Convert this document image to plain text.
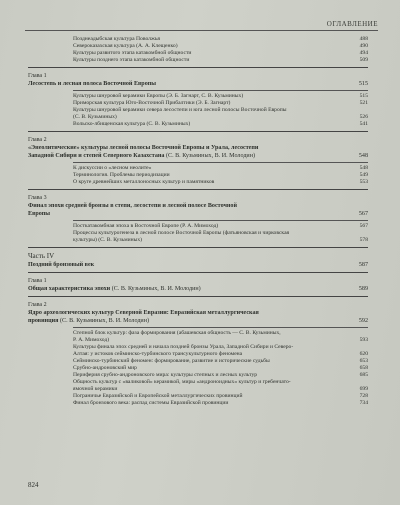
ОГЛАВЛЕНИЕ
Позднеадыбская культура Поволжья	488
Североказахская культура (А. А. Клещенко)	490
Культуры развитого этапа катакомбной общности	494
Культуры позднего этапа катакомбной общности	509
Глава 1
Лесостепь и лесная полоса Восточной Европы	515
Культуры шнуровой керамики Европы (Э. Б. Загнарт, С. В. Кузьминых)	515
Приморская культура Юго-Восточной Прибалтики (Э. Б. Загнарт)	521
Культуры шнуровой керамики севера лесостепи и юга лесной полосы Восточной Европы
(С. В. Кузьминых)	526
Вольско-лбищенская культура (С. В. Кузьминых)	541
Глава 2
«Энеолитические» культуры лесной полосы Восточной Европы и Урала, лесостепи
Западной Сибири и степей Северного Казахстана (С. В. Кузьминых, В. И. Молодин)	548
К дискуссии о «лесном неолите»	548
Терминология. Проблемы периодизации	549
О круге древнейших металлоносных культур и памятников	553
Глава 3
Финал эпохи средней бронзы в степи, лесостепи и лесной полосе Восточной
Европы	567
Посткатакомбная эпоха в Восточной Европе (Р. А. Мимоход)	567
Процессы культурогенеза в лесной полосе Восточной Европы (фатьяновская и чирковская
культуры) (С. В. Кузьминых)	578
Часть IV
Поздний бронзовый век	587
Глава 1
Общая характеристика эпохи (С. В. Кузьминых, В. И. Молодин)	589
Глава 2
Ядро археологических культур Северной Евразии: Евразийская металлургическая
провинция (С. В. Кузьминых, В. И. Молодин)	592
Степной блок культур: фаза формирования (абашевская общность — С. В. Кузьминых,
Р. А. Мимоход)	593
Культуры финала эпох средней и начала поздней бронзы Урала, Западной Сибири и Северо-
Алтая: у истоков сейминско-турбинского трансукультурного феномена	620
Сейминско-турбинский феномен: формирование, развитие и исторические судьбы	653
Срубно-андроновский мир	658
Периферия срубно-андроновского мира: культуры степных и лесных культур	685
Общность культур с «валиковой» керамикой, миры «андроноидных» культур и гребенчато-
ямочной керамики	699
Пограничье Евразийской и Европейской металлургических провинций	728
Финал бронзового века: распад системы Евразийской провинции	734
824
